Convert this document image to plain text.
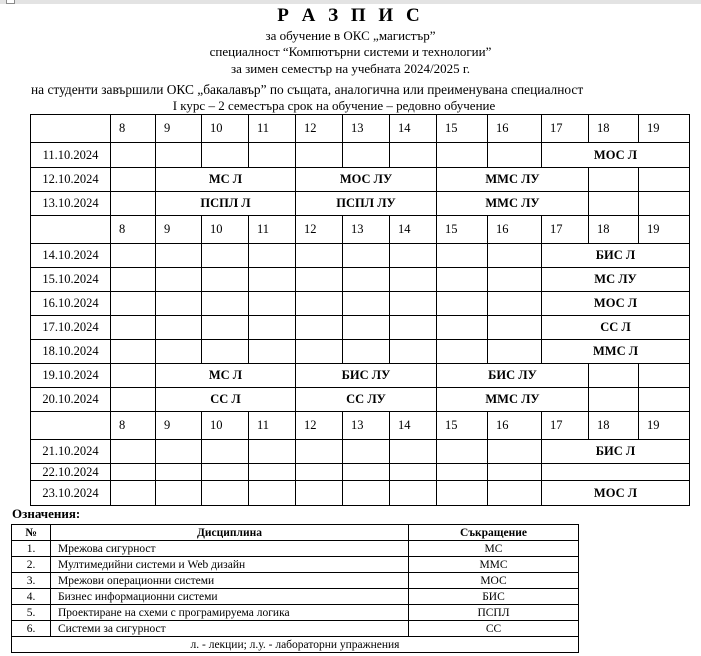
Р А З П И С
за обучение в ОКС „магистър”
специалност “Компютърни системи и технологии”
за зимен семестър на учебната 2024/2025 г.
на студенти завършили ОКС „бакалавър” по същата, аналогична или преименувана специалност
I курс – 2 семестъра срок на обучение – редовно обучение
	8	9	10	11	12	13	14	15	16	17	18	19
11.10.2024										МОС Л		
12.10.2024		МС Л			МОС ЛУ			ММС ЛУ				
13.10.2024		ПСПЛ Л			ПСПЛ ЛУ			ММС ЛУ				
	8	9	10	11	12	13	14	15	16	17	18	19
14.10.2024										БИС Л		
15.10.2024										МС ЛУ		
16.10.2024										МОС Л		
17.10.2024										СС Л		
18.10.2024										ММС Л		
19.10.2024		МС Л			БИС ЛУ			БИС ЛУ				
20.10.2024		СС Л			СС ЛУ			ММС ЛУ				
	8	9	10	11	12	13	14	15	16	17	18	19
21.10.2024										БИС Л		
22.10.2024												
23.10.2024										МОС Л		
Означения:
№	Дисциплина	Съкращение
1.	Мрежова сигурност	МС
2.	Мултимедийни системи и Web дизайн	ММС
3.	Мрежови операционни системи	МОС
4.	Бизнес информационни системи	БИС
5.	Проектиране на схеми с програмируема логика	ПСПЛ
6.	Системи за сигурност	СС
л. - лекции; л.у. - лабораторни упражнения		
